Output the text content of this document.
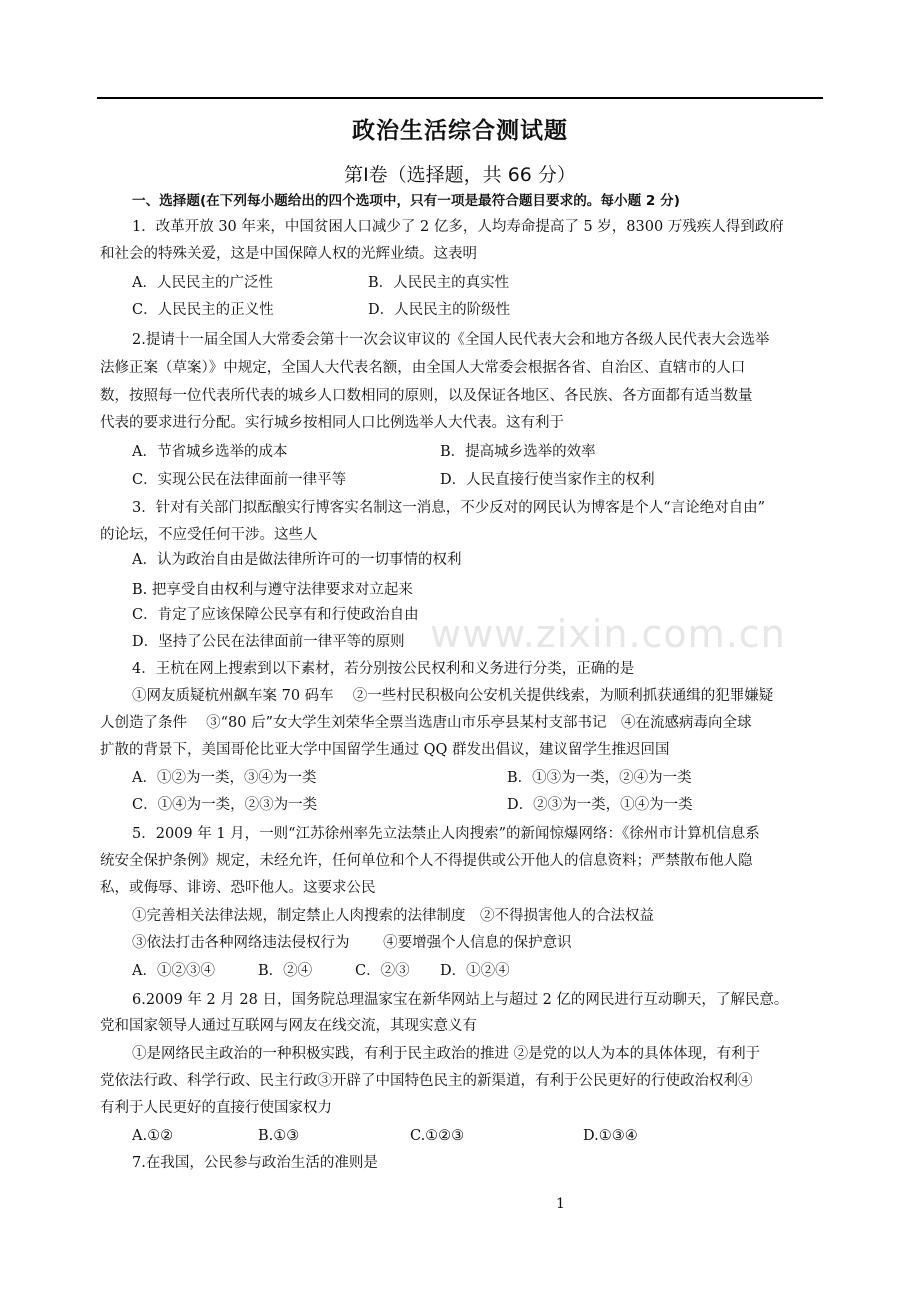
政治生活综合测试题
第Ⅰ卷（选择题，共 66 分）
一、选择题(在下列每小题给出的四个选项中，只有一项是最符合题目要求的。每小题 2 分)
www.zixin.com.cn
1．改革开放 30 年来，中国贫困人口减少了 2 亿多，人均寿命提高了 5 岁，8300 万残疾人得到政府
和社会的特殊关爱，这是中国保障人权的光辉业绩。这表明
A．人民民主的广泛性	B．人民民主的真实性
C．人民民主的正义性	D．人民民主的阶级性
2.提请十一届全国人大常委会第十一次会议审议的《全国人民代表大会和地方各级人民代表大会选举
法修正案（草案）》中规定，全国人大代表名额，由全国人大常委会根据各省、自治区、直辖市的人口
数，按照每一位代表所代表的城乡人口数相同的原则，以及保证各地区、各民族、各方面都有适当数量
代表的要求进行分配。实行城乡按相同人口比例选举人大代表。这有利于
A．节省城乡选举的成本	B．提高城乡选举的效率
C．实现公民在法律面前一律平等	D．人民直接行使当家作主的权利
3．针对有关部门拟酝酿实行博客实名制这一消息，不少反对的网民认为博客是个人“言论绝对自由”
的论坛，不应受任何干涉。这些人
A．认为政治自由是做法律所许可的一切事情的权利
B. 把享受自由权利与遵守法律要求对立起来
C．肯定了应该保障公民享有和行使政治自由
D．坚持了公民在法律面前一律平等的原则
4．王杭在网上搜索到以下素材，若分别按公民权利和义务进行分类，正确的是
①网友质疑杭州飙车案 70 码车　 ②一些村民积极向公安机关提供线索，为顺利抓获通缉的犯罪嫌疑
人创造了条件　 ③“80 后”女大学生刘荣华全票当选唐山市乐亭县某村支部书记　④在流感病毒向全球
扩散的背景下，美国哥伦比亚大学中国留学生通过 QQ 群发出倡议，建议留学生推迟回国
A．①②为一类，③④为一类	B．①③为一类，②④为一类
C．①④为一类，②③为一类	D．②③为一类，①④为一类
5．2009 年 1 月，一则“江苏徐州率先立法禁止人肉搜索”的新闻惊爆网络：《徐州市计算机信息系
统安全保护条例》规定，未经允许，任何单位和个人不得提供或公开他人的信息资料；严禁散布他人隐
私，或侮辱、诽谤、恐吓他人。这要求公民
①完善相关法律法规，制定禁止人肉搜索的法律制度　②不得损害他人的合法权益
③依法打击各种网络违法侵权行为　　 ④要增强个人信息的保护意识
A．①②③④	B．②④	C．②③ D．①②④
6.2009 年 2 月 28 日，国务院总理温家宝在新华网站上与超过 2 亿的网民进行互动聊天，了解民意。
党和国家领导人通过互联网与网友在线交流，其现实意义有
①是网络民主政治的一种积极实践，有利于民主政治的推进 ②是党的以人为本的具体体现，有利于
党依法行政、科学行政、民主行政③开辟了中国特色民主的新渠道，有利于公民更好的行使政治权利④
有利于人民更好的直接行使国家权力
A.①②	B.①③	C.①②③	D.①③④
7.在我国，公民参与政治生活的准则是
1
